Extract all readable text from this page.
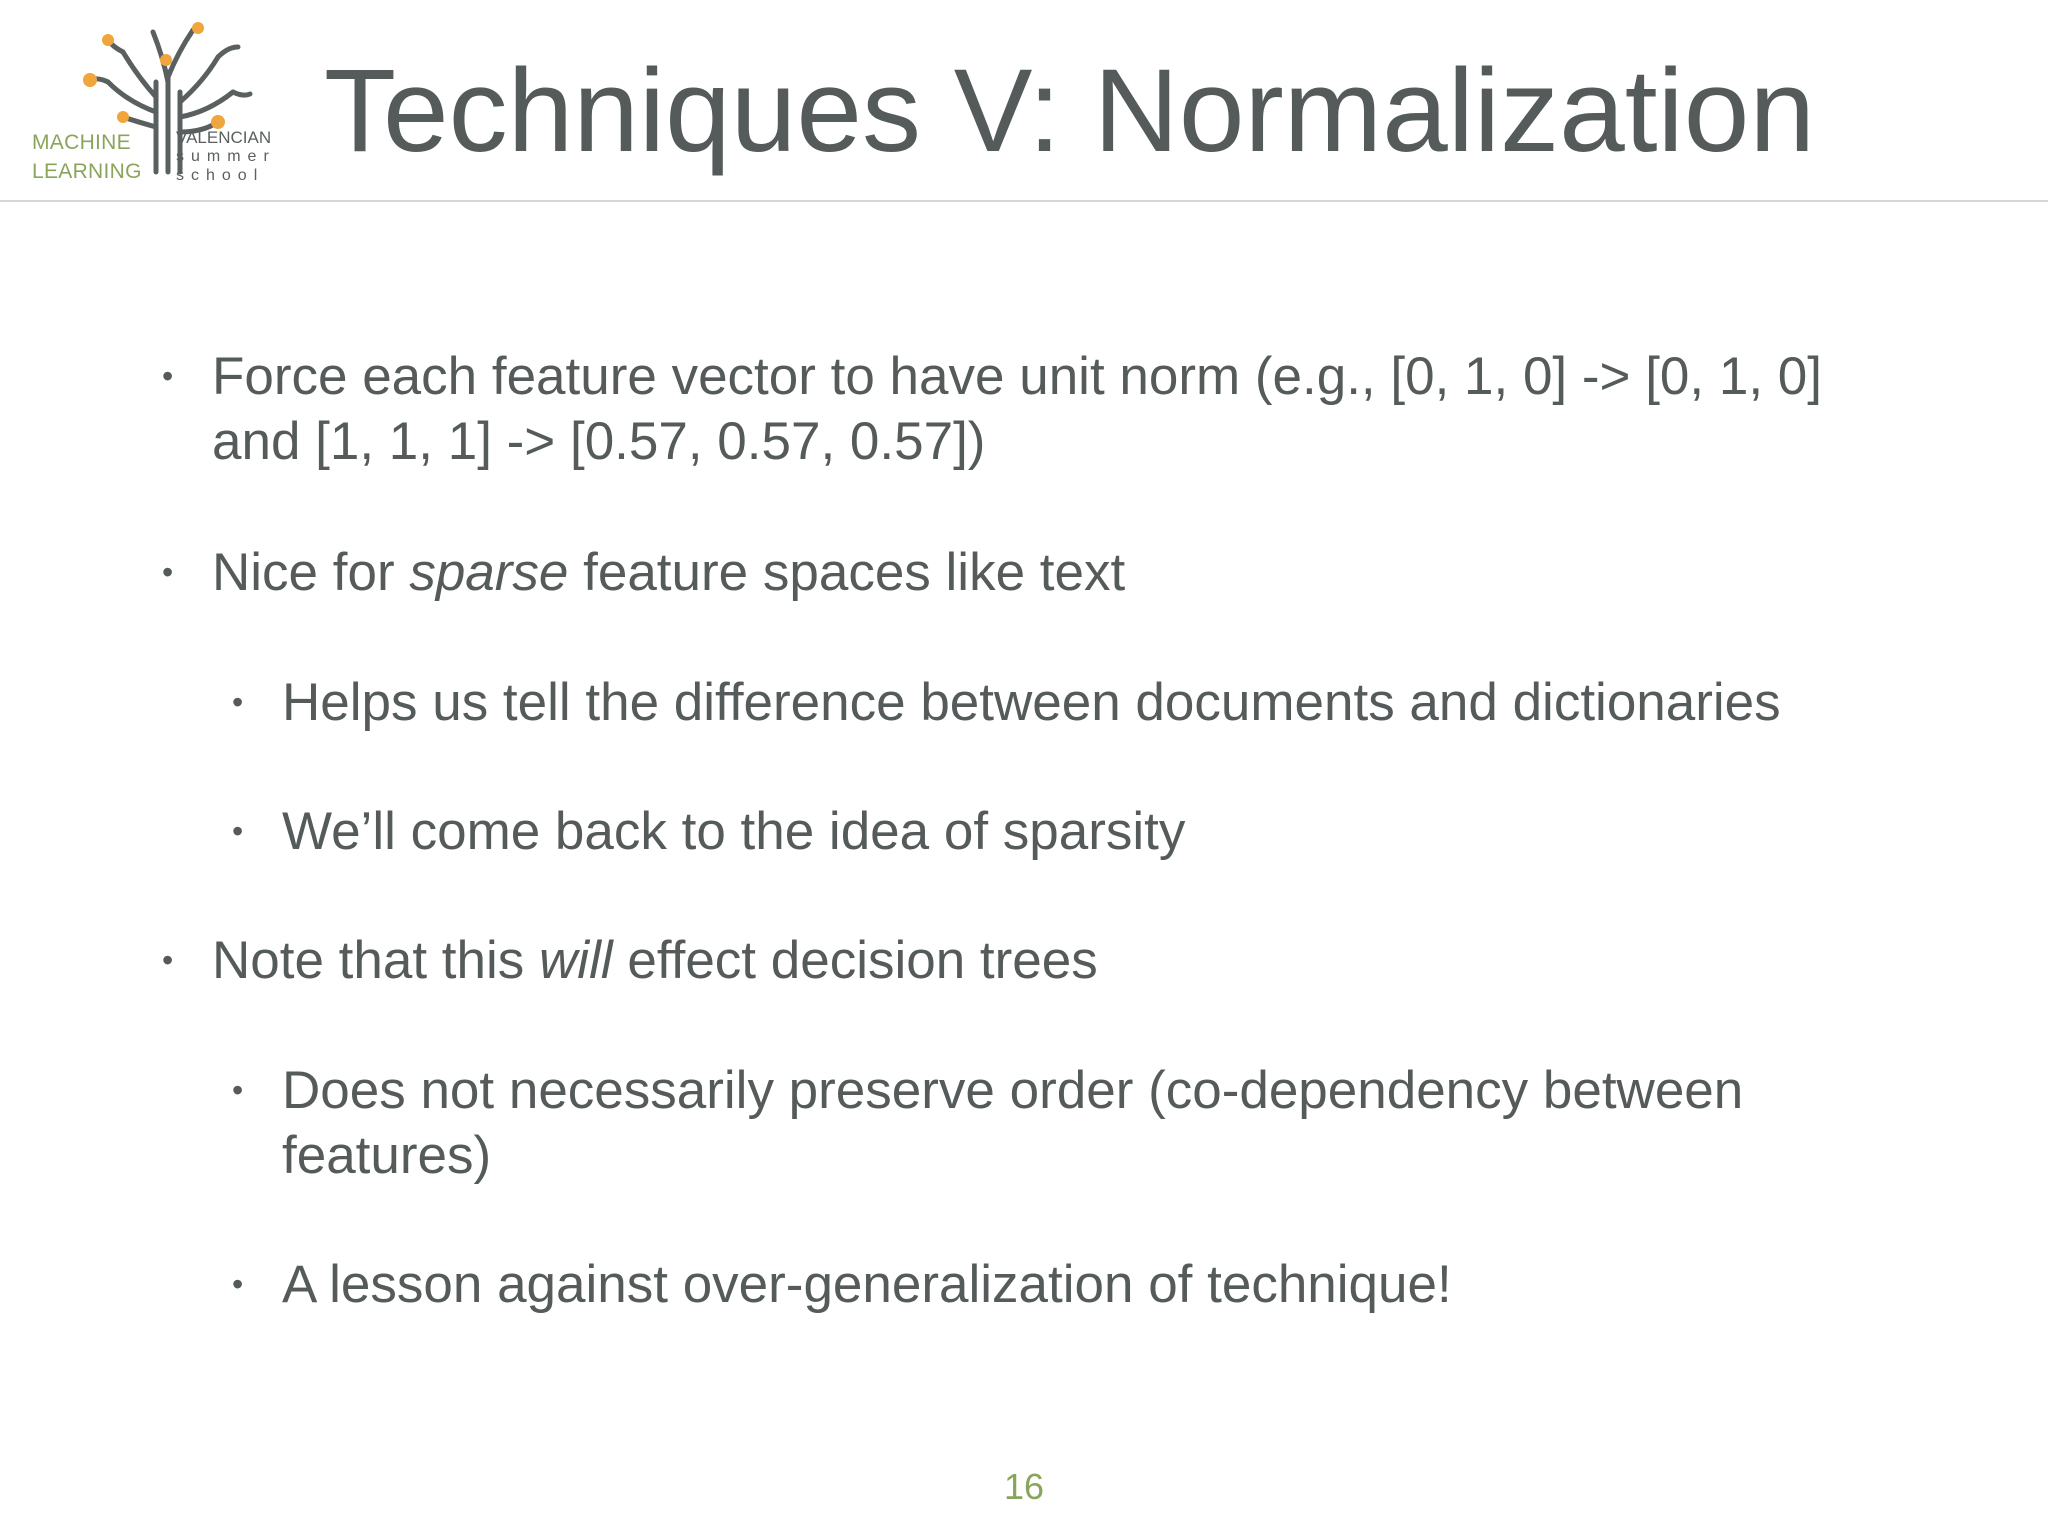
MACHINE
LEARNING
VALENCIAN
summer
school Techniques V: Normalization
• Force each feature vector to have unit norm (e.g., [0, 1, 0] -> [0, 1, 0] and [1, 1, 1] -> [0.57, 0.57, 0.57])
• Nice for sparse feature spaces like text
• Helps us tell the difference between documents and dictionaries
• We’ll come back to the idea of sparsity
• Note that this will effect decision trees
• Does not necessarily preserve order (co-dependency between features)
• A lesson against over-generalization of technique!
16
